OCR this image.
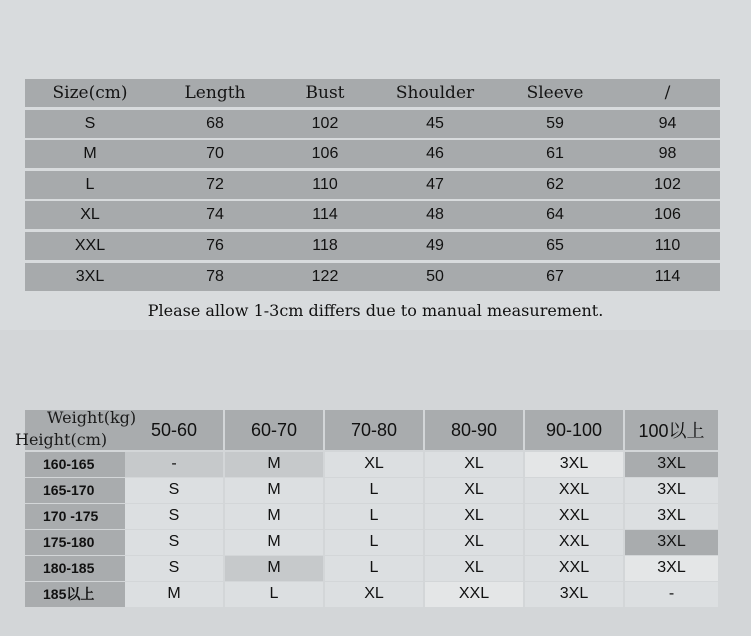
Size(cm)	Length	Bust	Shoulder	Sleeve	/
S	68	102	45	59	94
M	70	106	46	61	98
L	72	110	47	62	102
XL	74	114	48	64	106
XXL	76	118	49	65	110
3XL	78	122	50	67	114
Please allow 1-3cm differs due to manual measurement.
Weight(kg)
Height(cm)	50-60	60-70	70-80	80-90	90-100	100以上
160-165	-	M	XL	XL	3XL	3XL
165-170	S	M	L	XL	XXL	3XL
170 -175	S	M	L	XL	XXL	3XL
175-180	S	M	L	XL	XXL	3XL
180-185	S	M	L	XL	XXL	3XL
185以上	M	L	XL	XXL	3XL	-
